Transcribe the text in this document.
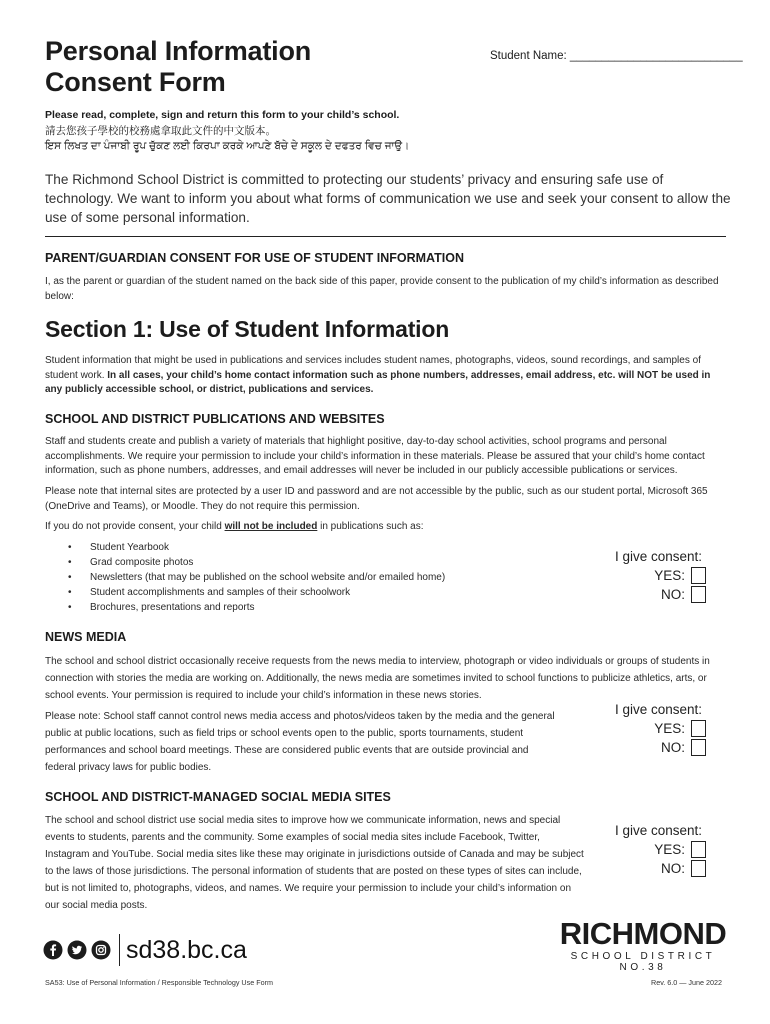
Personal Information
Consent Form
Student Name: ___________________________
Please read, complete, sign and return this form to your child’s school.
請去您孩子學校的校務處拿取此文件的中文版本。
ਇਸ ਲਿਖਤ ਦਾ ਪੰਜਾਬੀ ਰੂਪ ਚੁੱਕਣ ਲਈ ਕਿਰਪਾ ਕਰਕੇ ਆਪਣੇ ਬੱਚੇ ਦੇ ਸਕੂਲ ਦੇ ਦਫਤਰ ਵਿਚ ਜਾਉ।
The Richmond School District is committed to protecting our students’ privacy and ensuring safe use of technology. We want to inform you about what forms of communication we use and seek your consent to allow the use of some personal information.
PARENT/GUARDIAN CONSENT FOR USE OF STUDENT INFORMATION
I, as the parent or guardian of the student named on the back side of this paper, provide consent to the publication of my child’s information as described below:
Section 1: Use of Student Information
Student information that might be used in publications and services includes student names, photographs, videos, sound recordings, and samples of student work. In all cases, your child’s home contact information such as phone numbers, addresses, email address, etc. will NOT be used in any publicly accessible school, or district, publications and services.
SCHOOL AND DISTRICT PUBLICATIONS AND WEBSITES
Staff and students create and publish a variety of materials that highlight positive, day-to-day school activities, school programs and personal accomplishments. We require your permission to include your child’s information in these materials. Please be assured that your child’s home contact information, such as phone numbers, addresses, and email addresses will never be included in our publicly accessible publications or services.
Please note that internal sites are protected by a user ID and password and are not accessible by the public, such as our student portal, Microsoft 365 (OneDrive and Teams), or Moodle. They do not require this permission.
If you do not provide consent, your child will not be included in publications such as:
• Student Yearbook
• Grad composite photos
• Newsletters (that may be published on the school website and/or emailed home)
• Student accomplishments and samples of their schoolwork
• Brochures, presentations and reports
I give consent:
YES:
NO:
NEWS MEDIA
The school and school district occasionally receive requests from the news media to interview, photograph or video individuals or groups of students in connection with stories the media are working on. Additionally, the news media are sometimes invited to school functions to publicize athletics, arts, or school events. Your permission is required to include your child’s information in these news stories.
Please note: School staff cannot control news media access and photos/videos taken by the media and the general public at public locations, such as field trips or school events open to the public, sports tournaments, student performances and school board meetings. These are considered public events that are outside provincial and federal privacy laws for public bodies.
I give consent:
YES:
NO:
SCHOOL AND DISTRICT-MANAGED SOCIAL MEDIA SITES
The school and school district use social media sites to improve how we communicate information, news and special events to students, parents and the community. Some examples of social media sites include Facebook, Twitter, Instagram and YouTube. Social media sites like these may originate in jurisdictions outside of Canada and may be subject to the laws of those jurisdictions. The personal information of students that are posted on these types of sites can include, but is not limited to, photographs, videos, and names. We require your permission to include your child’s information on our social media posts.
I give consent:
YES:
NO:
sd38.bc.ca	RICHMOND
SCHOOL DISTRICT NO.38
SA53: Use of Personal Information / Responsible Technology Use Form	Rev. 6.0 — June 2022
